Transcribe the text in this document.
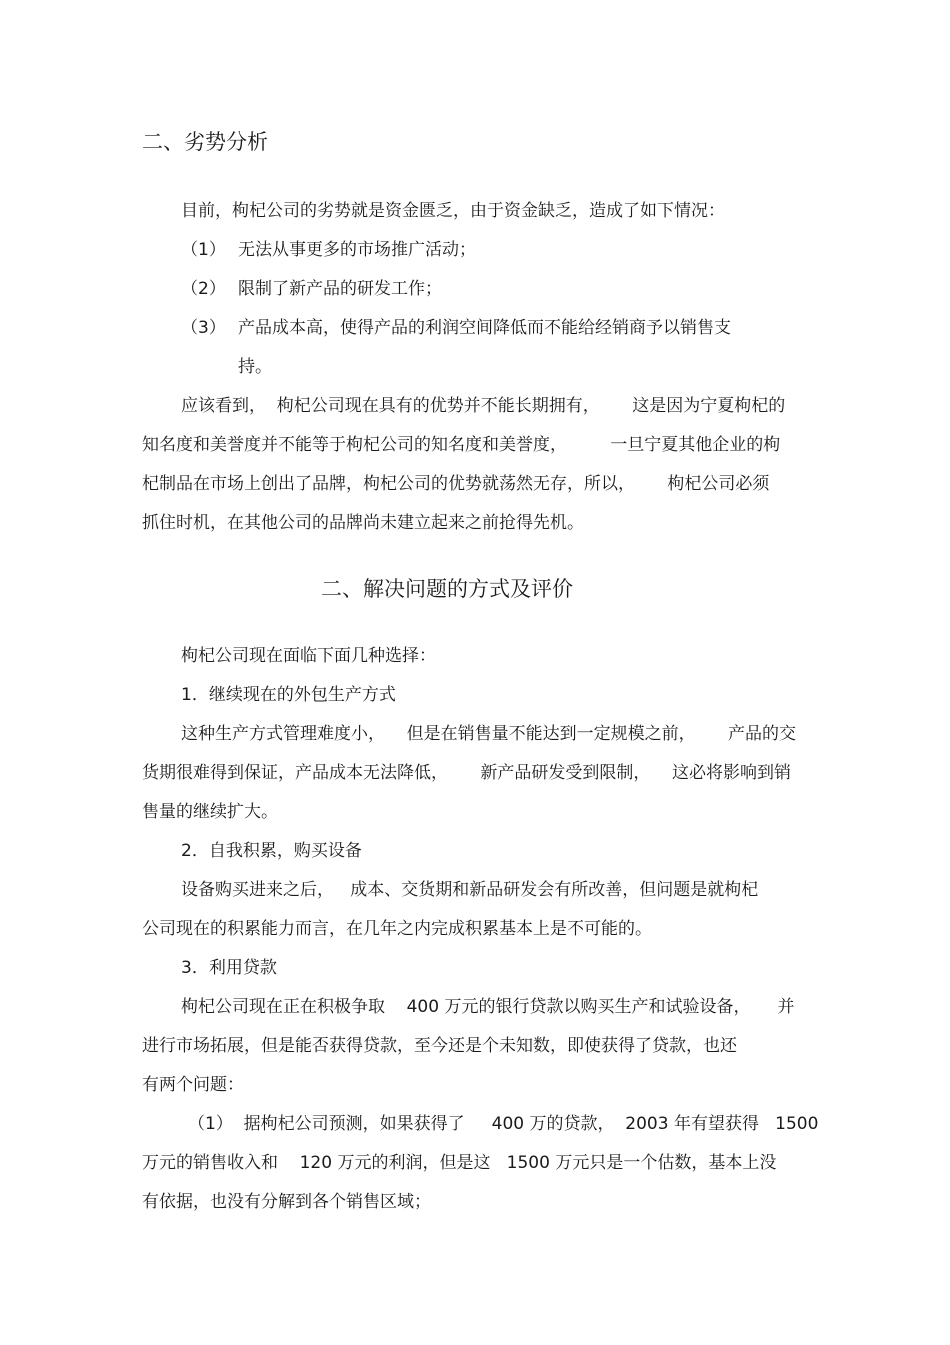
二、劣势分析
目前，枸杞公司的劣势就是资金匮乏，由于资金缺乏，造成了如下情况：
（1） 无法从事更多的市场推广活动；
（2） 限制了新产品的研发工作；
（3） 产品成本高，使得产品的利润空间降低而不能给经销商予以销售支
持。
应该看到，  枸杞公司现在具有的优势并不能长期拥有，      这是因为宁夏枸杞的
知名度和美誉度并不能等于枸杞公司的知名度和美誉度，        一旦宁夏其他企业的枸
杞制品在市场上创出了品牌，枸杞公司的优势就荡然无存，所以，      枸杞公司必须
抓住时机，在其他公司的品牌尚未建立起来之前抢得先机。
二、解决问题的方式及评价
枸杞公司现在面临下面几种选择：
1．继续现在的外包生产方式
这种生产方式管理难度小，    但是在销售量不能达到一定规模之前，      产品的交
货期很难得到保证，产品成本无法降低，      新产品研发受到限制，    这必将影响到销
售量的继续扩大。
2．自我积累，购买设备
设备购买进来之后，   成本、交货期和新品研发会有所改善，但问题是就枸杞
公司现在的积累能力而言，在几年之内完成积累基本上是不可能的。
3．利用贷款
枸杞公司现在正在积极争取    400 万元的银行贷款以购买生产和试验设备，     并
进行市场拓展，但是能否获得贷款，至今还是个未知数，即使获得了贷款，也还
有两个问题：
（1）  据枸杞公司预测，如果获得了     400 万的贷款，  2003 年有望获得   1500
万元的销售收入和    120 万元的利润，但是这   1500 万元只是一个估数，基本上没
有依据，也没有分解到各个销售区域；
